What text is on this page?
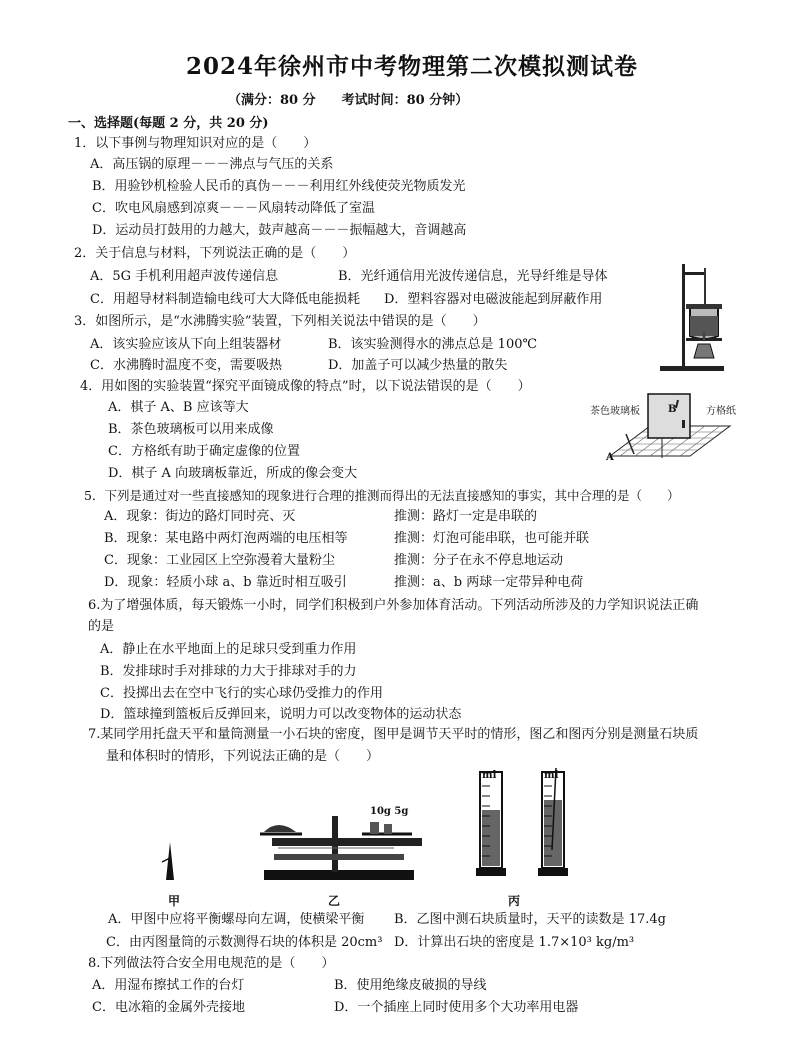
2024年徐州市中考物理第二次模拟测试卷
（满分：80 分　　考试时间：80 分钟）
一、选择题(每题 2 分，共 20 分)
1．以下事例与物理知识对应的是（　　）
A．高压锅的原理－－－沸点与气压的关系
B．用验钞机检验人民币的真伪－－－利用红外线使荧光物质发光
C．吹电风扇感到凉爽－－－风扇转动降低了室温
D．运动员打鼓用的力越大，鼓声越高－－－振幅越大，音调越高
2．关于信息与材料，下列说法正确的是（　　）
A．5G 手机利用超声波传递信息	B．光纤通信用光波传递信息，光导纤维是导体
C．用超导材料制造输电线可大大降低电能损耗 D．塑料容器对电磁波能起到屏蔽作用
3．如图所示，是“水沸腾实验”装置，下列相关说法中错误的是（　　）
A．该实验应该从下向上组装器材	B．该实验测得水的沸点总是 100℃
C．水沸腾时温度不变，需要吸热	D．加盖子可以减少热量的散失
4．用如图的实验装置“探究平面镜成像的特点”时，以下说法错误的是（　　）
A．棋子 A、B 应该等大
B．茶色玻璃板可以用来成像
C．方格纸有助于确定虚像的位置
D．棋子 A 向玻璃板靠近，所成的像会变大
茶色玻璃板	方格纸
B
A
5．下列是通过对一些直接感知的现象进行合理的推测而得出的无法直接感知的事实，其中合理的是（　　）
A．现象：街边的路灯同时亮、灭	推测：路灯一定是串联的
B．现象：某电路中两灯泡两端的电压相等	推测：灯泡可能串联，也可能并联
C．现象：工业园区上空弥漫着大量粉尘	推测：分子在永不停息地运动
D．现象：轻质小球 a、b 靠近时相互吸引	推测：a、b 两球一定带异种电荷
6.为了增强体质，每天锻炼一小时，同学们积极到户外参加体育活动。下列活动所涉及的力学知识说法正确
的是
A．静止在水平地面上的足球只受到重力作用
B．发排球时手对排球的力大于排球对手的力
C．投掷出去在空中飞行的实心球仍受推力的作用
D．篮球撞到篮板后反弹回来，说明力可以改变物体的运动状态
7.某同学用托盘天平和量筒测量一小石块的密度，图甲是调节天平时的情形，图乙和图丙分别是测量石块质
量和体积时的情形，下列说法正确的是（　　）
10g 5g
ml	ml
甲	乙	丙
A．甲图中应将平衡螺母向左调，使横梁平衡 B．乙图中测石块质量时，天平的读数是 17.4g
C．由丙图量筒的示数测得石块的体积是 20cm³ D．计算出石块的密度是 1.7×10³ kg/m³
8.下列做法符合安全用电规范的是（　　）
A．用湿布擦拭工作的台灯	B．使用绝缘皮破损的导线
C．电冰箱的金属外壳接地	D．一个插座上同时使用多个大功率用电器
